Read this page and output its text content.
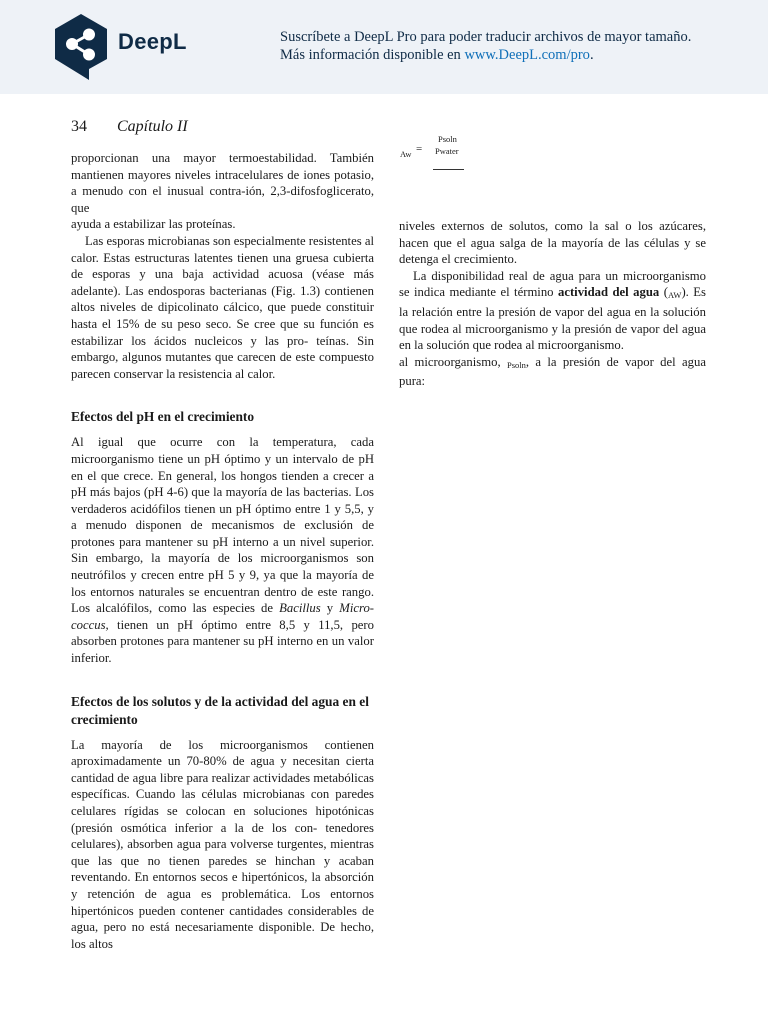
DeepL	Suscríbete a DeepL Pro para poder traducir archivos de mayor tamaño.
Más información disponible en www.DeepL.com/pro.
34 Capítulo II
Aw =
Psoln
Pwater

proporcionan una mayor termoestabilidad. También mantienen mayores niveles intracelulares de iones potasio, a menudo con el inusual contra-ión, 2,3-difosfoglicerato, que

ayuda a estabilizar las proteínas.

Las esporas microbianas son especialmente resistentes al calor. Estas estructuras latentes tienen una gruesa cubierta de esporas y una baja actividad acuosa (véase más adelante). Las endosporas bacterianas (Fig. 1.3) contienen altos niveles de dipicolinato cálcico, que puede constituir hasta el 15% de su peso seco. Se cree que su función es estabilizar los ácidos nucleicos y las pro- teínas. Sin embargo, algunos mutantes que carecen de este compuesto parecen conservar la resistencia al calor.

Efectos del pH en el crecimiento

Al igual que ocurre con la temperatura, cada microorganismo tiene un pH óptimo y un intervalo de pH en el que crece. En general, los hongos tienden a crecer a pH más bajos (pH 4-6) que la mayoría de las bacterias. Los verdaderos acidófilos tienen un pH óptimo entre 1 y 5,5, y a menudo disponen de mecanismos de exclusión de protones para mantener su pH interno a un nivel superior. Sin embargo, la mayoría de los microorganismos son neutrófilos y crecen entre pH 5 y 9, ya que la mayoría de los entornos naturales se encuentran dentro de este rango. Los alcalófilos, como las especies de Bacillus y Micro- coccus, tienen un pH óptimo entre 8,5 y 11,5, pero absorben protones para mantener su pH interno en un valor inferior.

Efectos de los solutos y de la actividad del agua en el crecimiento

La mayoría de los microorganismos contienen aproximadamente un 70-80% de agua y necesitan cierta cantidad de agua libre para realizar actividades metabólicas específicas. Cuando las células microbianas con paredes celulares rígidas se colocan en soluciones hipotónicas (presión osmótica inferior a la de los con- tenedores celulares), absorben agua para volverse turgentes, mientras que las que no tienen paredes se hinchan y acaban reventando. En entornos secos e hipertónicos, la absorción y retención de agua es problemática. Los entornos hipertónicos pueden contener cantidades considerables de agua, pero no está necesariamente disponible. De hecho, los altos

niveles externos de solutos, como la sal o los azúcares, hacen que el agua salga de la mayoría de las células y se detenga el crecimiento.

La disponibilidad real de agua para un microorganismo se indica mediante el término actividad del agua $(_{AW})$. Es la relación entre la presión de vapor del agua en la solución que rodea al microorganismo y la presión de vapor del agua en la solución que rodea al microorganismo.

al microorganismo, $_{Psoln}$, a la presión de vapor del agua pura:
